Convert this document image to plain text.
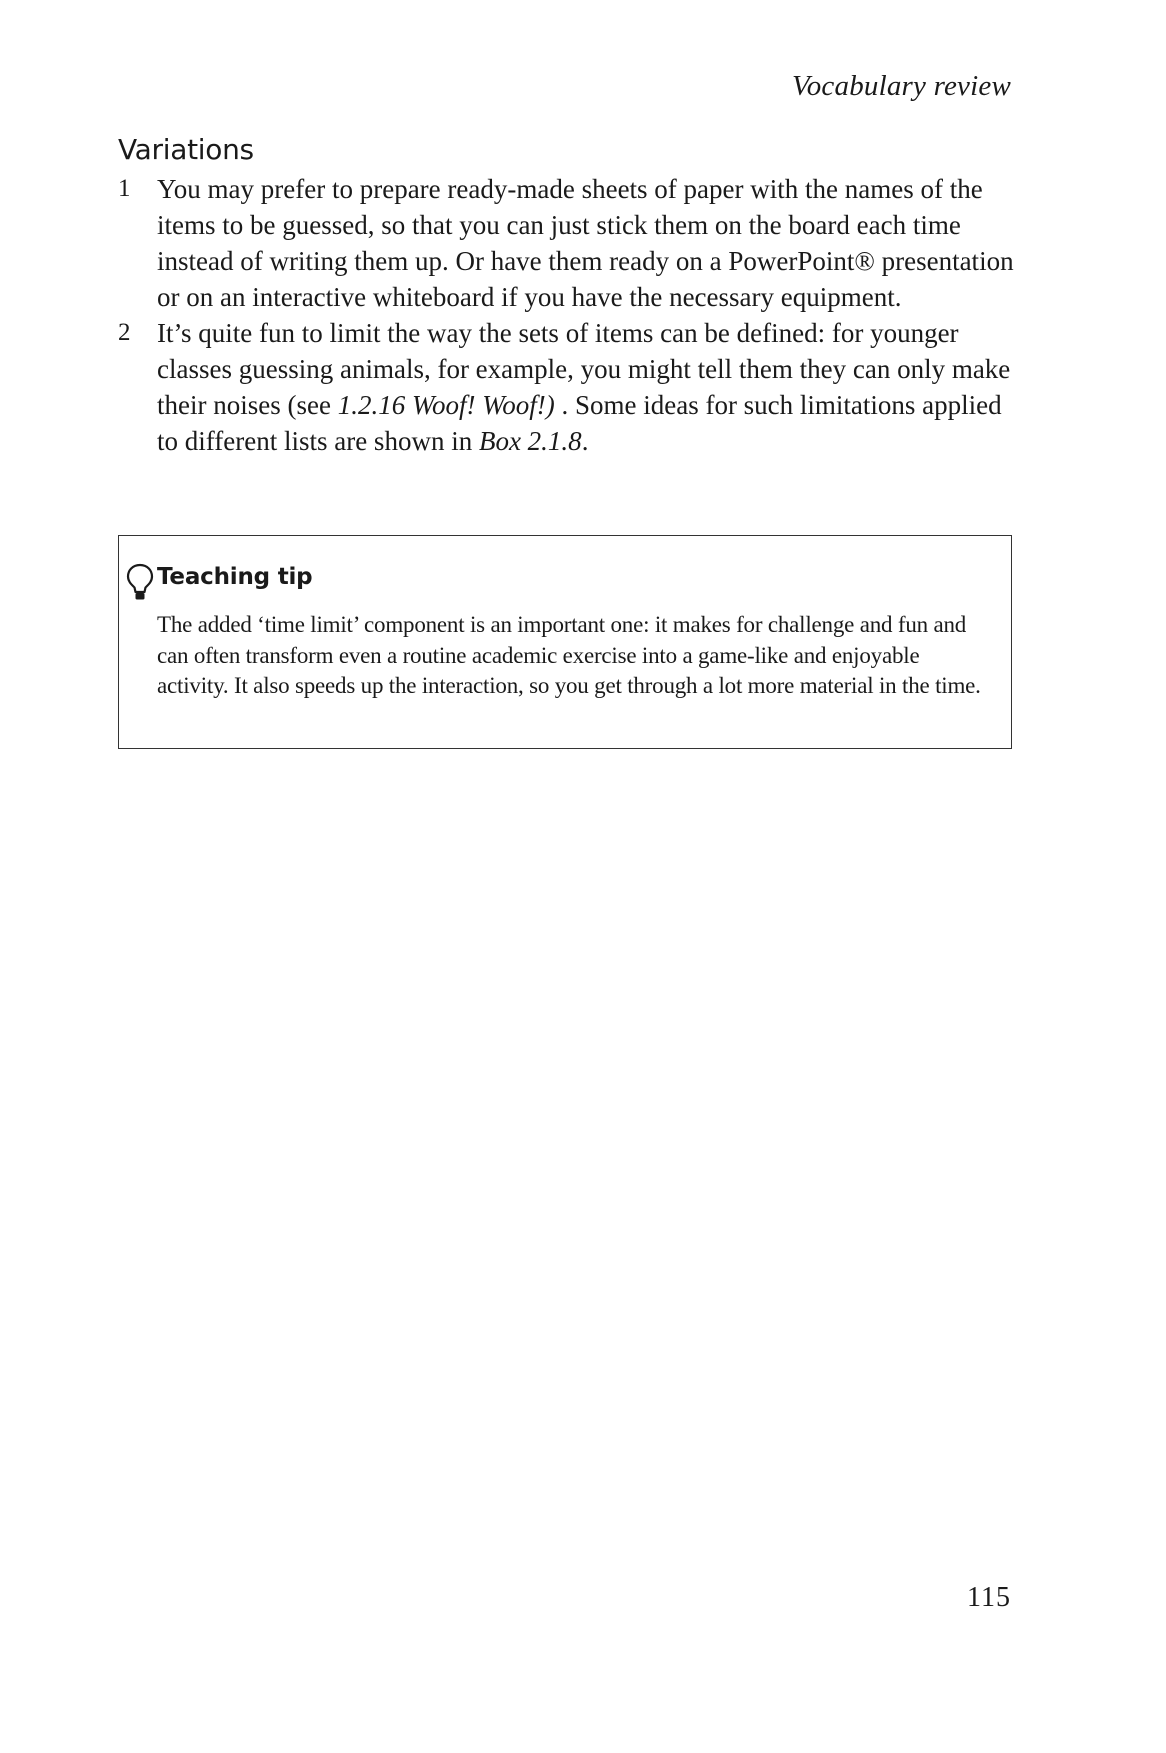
Vocabulary review
Variations
1 You may prefer to prepare ready-made sheets of paper with the names of the items to be guessed, so that you can just stick them on the board each time instead of writing them up. Or have them ready on a PowerPoint® presentation or on an interactive whiteboard if you have the necessary equipment.
2 It’s quite fun to limit the way the sets of items can be defined: for younger classes guessing animals, for example, you might tell them they can only make their noises (see 1.2.16 Woof! Woof!) . Some ideas for such limitations applied to different lists are shown in Box 2.1.8.
Teaching tip
The added ‘time limit’ component is an important one: it makes for challenge and fun and can often transform even a routine academic exercise into a game-like and enjoyable activity. It also speeds up the interaction, so you get through a lot more material in the time.
115
